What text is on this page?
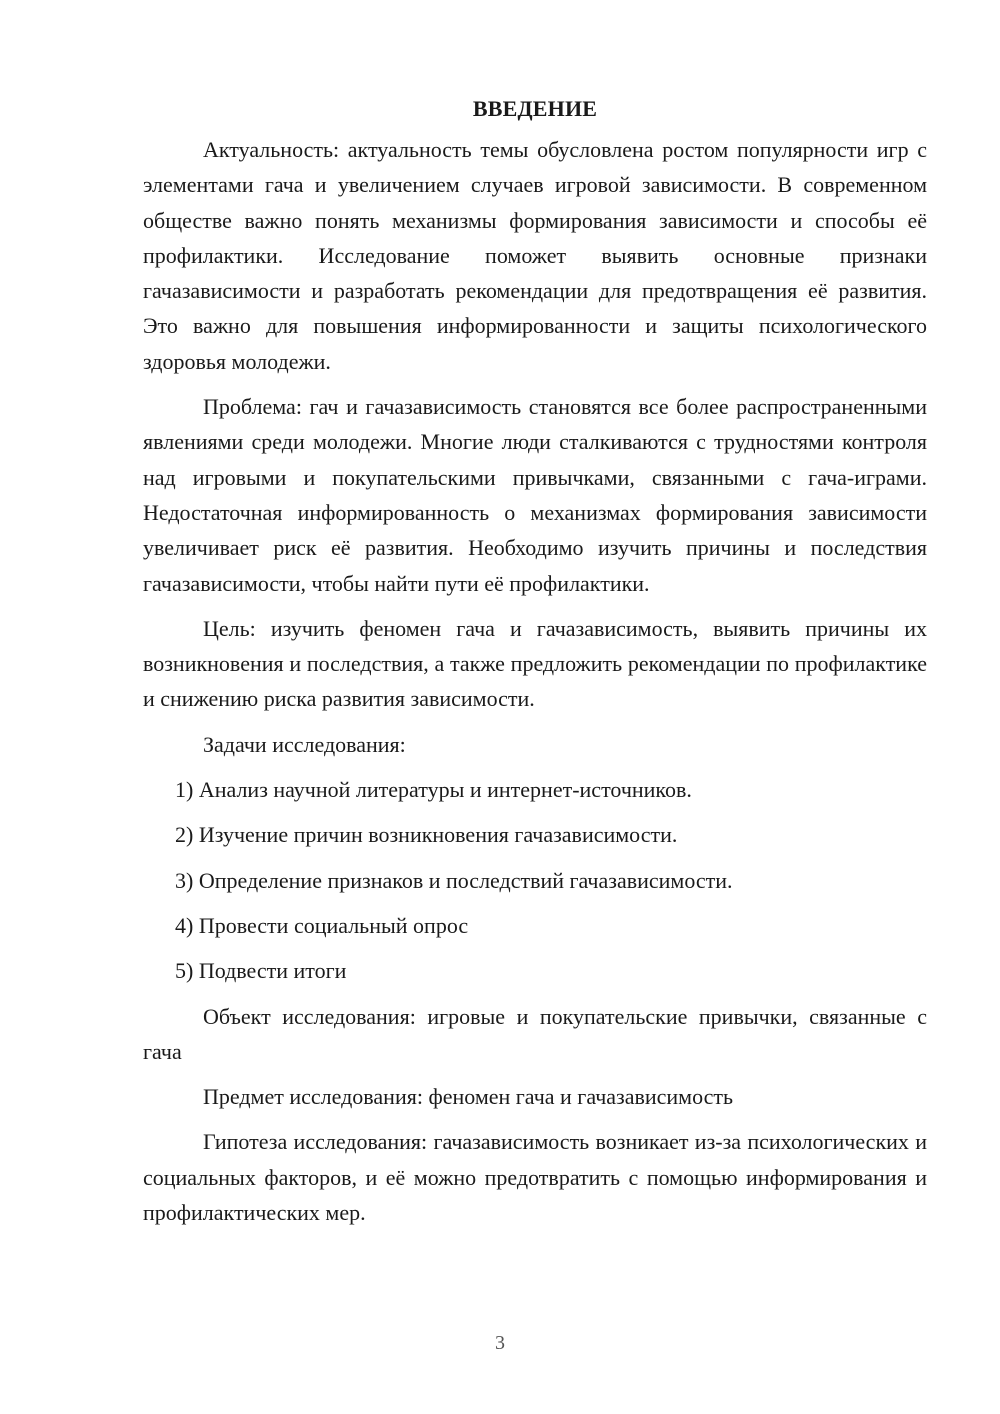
ВВЕДЕНИЕ

Актуальность: актуальность темы обусловлена ростом популярности игр с элементами гача и увеличением случаев игровой зависимости. В современном обществе важно понять механизмы формирования зависимости и способы её профилактики. Исследование поможет выявить основные признаки гачазависимости и разработать рекомендации для предотвращения её развития. Это важно для повышения информированности и защиты психологического здоровья молодежи.

Проблема: гач и гачазависимость становятся все более распространенными явлениями среди молодежи. Многие люди сталкиваются с трудностями контроля над игровыми и покупательскими привычками, связанными с гача-играми. Недостаточная информированность о механизмах формирования зависимости увеличивает риск её развития. Необходимо изучить причины и последствия гачазависимости, чтобы найти пути её профилактики.

Цель: изучить феномен гача и гачазависимость, выявить причины их возникновения и последствия, а также предложить рекомендации по профилактике и снижению риска развития зависимости.

Задачи исследования:

1) Анализ научной литературы и интернет-источников.

2) Изучение причин возникновения гачазависимости.

3) Определение признаков и последствий гачазависимости.

4) Провести социальный опрос

5) Подвести итоги

Объект исследования: игровые и покупательские привычки, связанные с гача

Предмет исследования: феномен гача и гачазависимость

Гипотеза исследования: гачазависимость возникает из-за психологических и социальных факторов, и её можно предотвратить с помощью информирования и профилактических мер.

3
